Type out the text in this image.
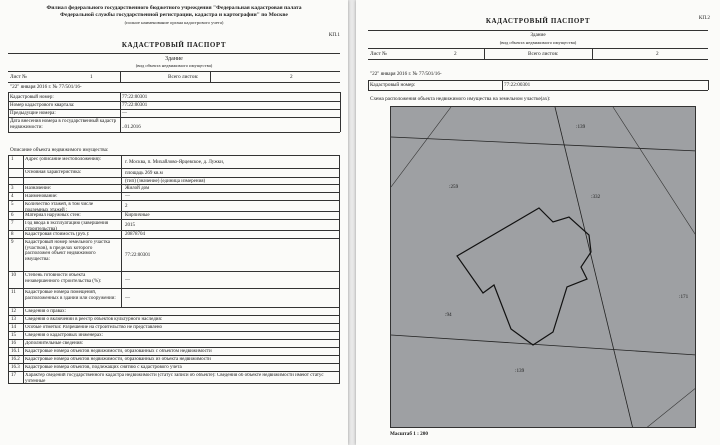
Филиал федерального государственного бюджетного учреждения "Федеральная кадастровая палата
Федеральной службы государственной регистрации, кадастра и картографии" по Москве
(полное наименование органа кадастрового учета)
КП.1
КАДАСТРОВЫЙ ПАСПОРТ
Здание
(вид объекта недвижимого имущества)
Лист №	1	Всего листов:	2
"22" января 2016 г. № 77/501/16-
Кадастровый номер:	77:22:00301
Номер кадастрового квартала:	77:22:00301
Предыдущие номера:	—
Дата внесения номера в государственный кадастр недвижимости:	..01.2016
Описание объекта недвижимого имущества:
1 Адрес (описание местоположения):	г. Москва, п. Михайлово-Ярцевское, д. Лужки,
Основная характеристика:	площадь 269 кв.м
(тип) (значение) (единица измерения)
3 Назначение:	Жилой дом
4 Наименование:	—
5 Количество этажей, в том числе подземных этажей :
2
6 Материал наружных стен:	Кирпичные
7 Год ввода в эксплуатацию (завершения строительства)
2015
8 Кадастровая стоимость (руб.):	20878704
9 Кадастровый номер земельного участка (участков), в пределах которого расположен объект недвижимого имущества:
77:22:00301
10 Степень готовности объекта незавершенного строительства (%):	—
11 Кадастровые номера помещений, расположенных в здании или сооружении: —
12 Сведения о правах:
13 Сведения о включении в реестр объектов культурного наследия:
14 Особые отметки: Разрешение на строительство не представлено
15 Сведения о кадастровых инженерах:
16 Дополнительные сведения:
16.1 Кадастровые номера объектов недвижимости, образованных с объектом недвижимости
16.2 Кадастровые номера объектов недвижимости, образованных из объекта недвижимости
16.3 Кадастровые номера объектов, подлежащих снятию с кадастрового учета
17 Характер сведений государственного кадастра недвижимости (статус записи об объекте): Сведения об объекте недвижимости имеют статус учтенные
КП.2
КАДАСТРОВЫЙ ПАСПОРТ
Здание
(вид объекта недвижимого имущества)
Лист №	2	Всего листов:	2
"22" января 2016 г. № 77/501/16-
Кадастровый номер:	77:22:00301
Схема расположения объекта недвижимого имущества на земельном участке(ах):
:139
:259
:332
:94
:139
:171
Масштаб 1 : 200
